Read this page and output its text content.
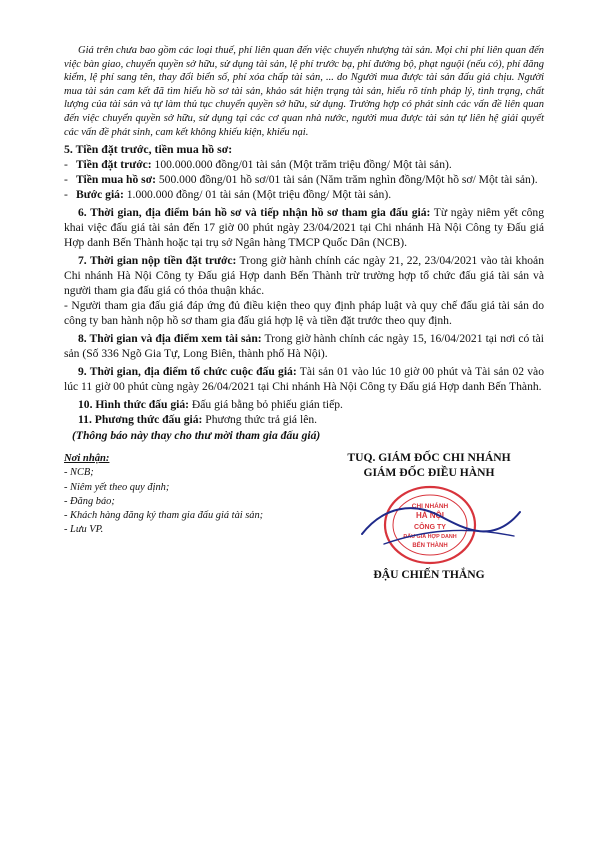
Giá trên chưa bao gồm các loại thuế, phí liên quan đến việc chuyển nhượng tài sản. Mọi chi phí liên quan đến việc bàn giao, chuyển quyền sở hữu, sử dụng tài sản, lệ phí trước bạ, phí đường bộ, phạt nguội (nếu có), phí đăng kiểm, lệ phí sang tên, thay đổi biển số, phí xóa chấp tài sản, ... do Người mua được tài sản đấu giá chịu. Người mua tài sản cam kết đã tìm hiểu hồ sơ tài sản, khảo sát hiện trạng tài sản, hiểu rõ tính pháp lý, tình trạng, chất lượng của tài sản và tự làm thủ tục chuyển quyền sở hữu, sử dụng. Trường hợp có phát sinh các vấn đề liên quan đến việc chuyển quyền sở hữu, sử dụng tại các cơ quan nhà nước, người mua được tài sản tự liên hệ giải quyết các vấn đề phát sinh, cam kết không khiếu kiện, khiếu nại.

5. Tiền đặt trước, tiền mua hồ sơ:

- Tiền đặt trước: 100.000.000 đồng/01 tài sản (Một trăm triệu đồng/ Một tài sản).
- Tiền mua hồ sơ: 500.000 đồng/01 hồ sơ/01 tài sản (Năm trăm nghìn đồng/Một hồ sơ/ Một tài sản).
- Bước giá: 1.000.000 đồng/ 01 tài sản (Một triệu đồng/ Một tài sản).

6. Thời gian, địa điểm bán hồ sơ và tiếp nhận hồ sơ tham gia đấu giá: Từ ngày niêm yết công khai việc đấu giá tài sản đến 17 giờ 00 phút ngày 23/04/2021 tại Chi nhánh Hà Nội Công ty Đấu giá Hợp danh Bến Thành hoặc tại trụ sở Ngân hàng TMCP Quốc Dân (NCB).

7. Thời gian nộp tiền đặt trước: Trong giờ hành chính các ngày 21, 22, 23/04/2021 vào tài khoản Chi nhánh Hà Nội Công ty Đấu giá Hợp danh Bến Thành trừ trường hợp tổ chức đấu giá tài sản và người tham gia đấu giá có thỏa thuận khác.

- Người tham gia đấu giá đáp ứng đủ điều kiện theo quy định pháp luật và quy chế đấu giá tài sản do công ty ban hành nộp hồ sơ tham gia đấu giá hợp lệ và tiền đặt trước theo quy định.

8. Thời gian và địa điểm xem tài sản: Trong giờ hành chính các ngày 15, 16/04/2021 tại nơi có tài sản (Số 336 Ngõ Gia Tự, Long Biên, thành phố Hà Nội).

9. Thời gian, địa điểm tổ chức cuộc đấu giá: Tài sản 01 vào lúc 10 giờ 00 phút và Tài sản 02 vào lúc 11 giờ 00 phút cùng ngày 26/04/2021 tại Chi nhánh Hà Nội Công ty Đấu giá Hợp danh Bến Thành.

10. Hình thức đấu giá: Đấu giá bằng bỏ phiếu gián tiếp.

11. Phương thức đấu giá: Phương thức trả giá lên.

(Thông báo này thay cho thư mời tham gia đấu giá)

Nơi nhận:
- NCB;
- Niêm yết theo quy định;
- Đăng báo;
- Khách hàng đăng ký tham gia đấu giá tài sản;
- Lưu VP.
TUQ. GIÁM ĐỐC CHI NHÁNH
GIÁM ĐỐC ĐIỀU HÀNH
CHI NHÁNH
HÀ NỘI
CÔNG TY
ĐẤU GIÁ HỢP DANH
BẾN THÀNH
ĐẬU CHIẾN THẮNG
